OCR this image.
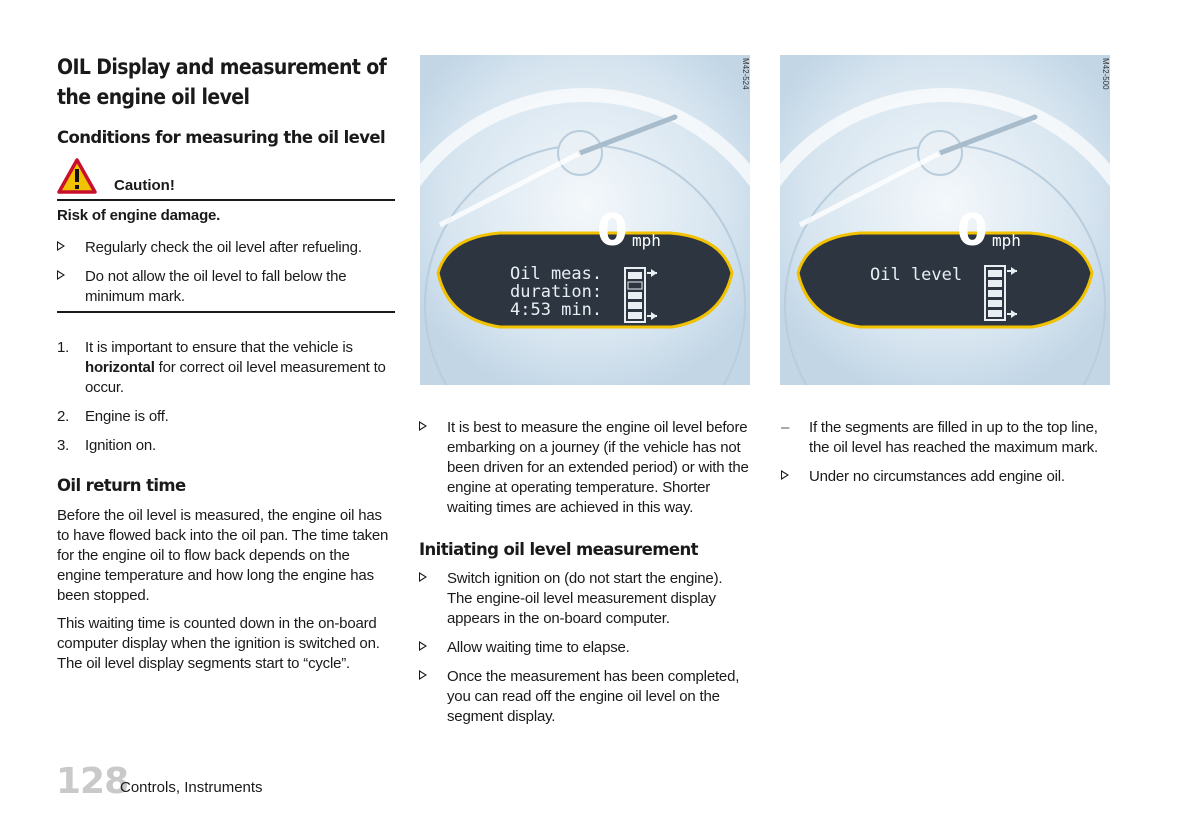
OIL Display and measurement of the engine oil level
Conditions for measuring the oil level
Caution!
Risk of engine damage.
Regularly check the oil level after refueling.
Do not allow the oil level to fall below the minimum mark.
1. It is important to ensure that the vehicle is horizontal for correct oil level measurement to occur.
2. Engine is off.
3. Ignition on.
Oil return time
Before the oil level is measured, the engine oil has to have flowed back into the oil pan. The time taken for the engine oil to flow back depends on the engine temperature and how long the engine has been stopped.
This waiting time is counted down in the on-board computer display when the ignition is switched on. The oil level display segments start to “cycle”.
0 mph
Oil meas.
duration:
4:53 min.
M42-524
0 mph
Oil level
M42-500
It is best to measure the engine oil level before embarking on a journey (if the vehicle has not been driven for an extended period) or with the engine at operating temperature. Shorter waiting times are achieved in this way.
Initiating oil level measurement
Switch ignition on (do not start the engine). The engine-oil level measurement display appears in the on-board computer.
Allow waiting time to elapse.
Once the measurement has been completed, you can read off the engine oil level on the segment display.
– If the segments are filled in up to the top line, the oil level has reached the maximum mark.
Under no circumstances add engine oil.
128
Controls, Instruments
